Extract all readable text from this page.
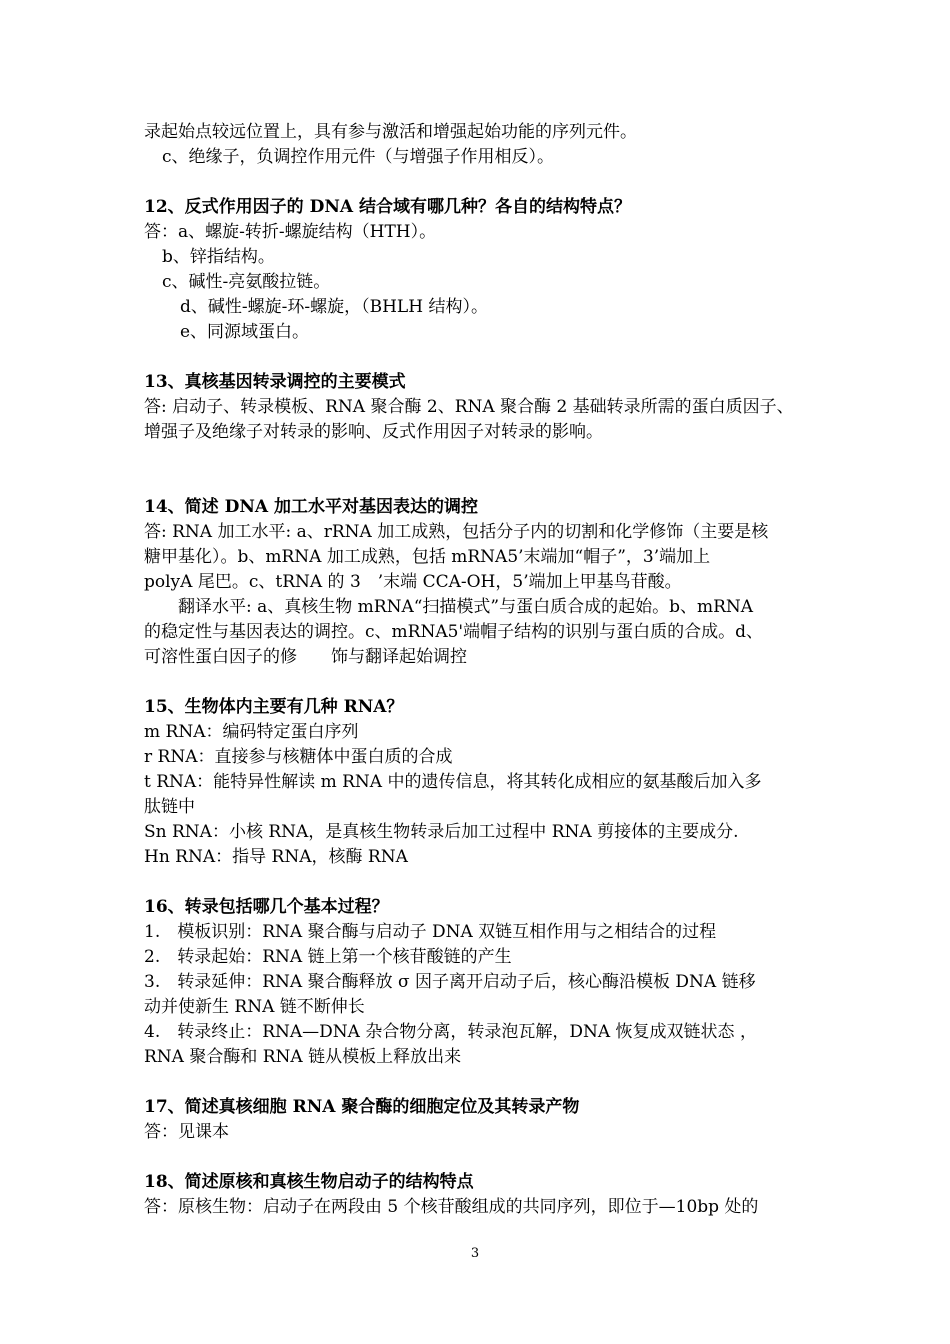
录起始点较远位置上，具有参与激活和增强起始功能的序列元件。
c、绝缘子，负调控作用元件（与增强子作用相反）。
12、反式作用因子的 DNA 结合域有哪几种？各自的结构特点？
答：a、螺旋-转折-螺旋结构（HTH）。
b、锌指结构。
c、碱性-亮氨酸拉链。
d、碱性-螺旋-环-螺旋，（BHLH 结构）。
e、同源域蛋白。
13、真核基因转录调控的主要模式
答: 启动子、转录模板、RNA 聚合酶 2、RNA 聚合酶 2 基础转录所需的蛋白质因子、
增强子及绝缘子对转录的影响、反式作用因子对转录的影响。
14、简述 DNA 加工水平对基因表达的调控
答: RNA 加工水平: a、rRNA 加工成熟，包括分子内的切割和化学修饰（主要是核
糖甲基化）。b、mRNA 加工成熟，包括 mRNA5’末端加“帽子”，3’端加上
polyA 尾巴。c、tRNA 的 3　’末端 CCA-OH，5’端加上甲基鸟苷酸。
翻译水平: a、真核生物 mRNA“扫描模式”与蛋白质合成的起始。b、mRNA
的稳定性与基因表达的调控。c、mRNA5'端帽子结构的识别与蛋白质的合成。d、
可溶性蛋白因子的修　　饰与翻译起始调控
15、生物体内主要有几种 RNA？
m RNA：编码特定蛋白序列
r RNA：直接参与核糖体中蛋白质的合成
t RNA：能特异性解读 m RNA 中的遗传信息，将其转化成相应的氨基酸后加入多
肽链中
Sn RNA：小核 RNA，是真核生物转录后加工过程中 RNA 剪接体的主要成分.
Hn RNA：指导 RNA，核酶 RNA
16、转录包括哪几个基本过程？
1.　模板识别：RNA 聚合酶与启动子 DNA 双链互相作用与之相结合的过程
2.　转录起始：RNA 链上第一个核苷酸链的产生
3.　转录延伸：RNA 聚合酶释放 σ 因子离开启动子后，核心酶沿模板 DNA 链移
动并使新生 RNA 链不断伸长
4.　转录终止：RNA—DNA 杂合物分离，转录泡瓦解，DNA 恢复成双链状态 ，
RNA 聚合酶和 RNA 链从模板上释放出来
17、简述真核细胞 RNA 聚合酶的细胞定位及其转录产物
答：见课本
18、简述原核和真核生物启动子的结构特点
答：原核生物：启动子在两段由 5 个核苷酸组成的共同序列，即位于—10bp 处的
3
